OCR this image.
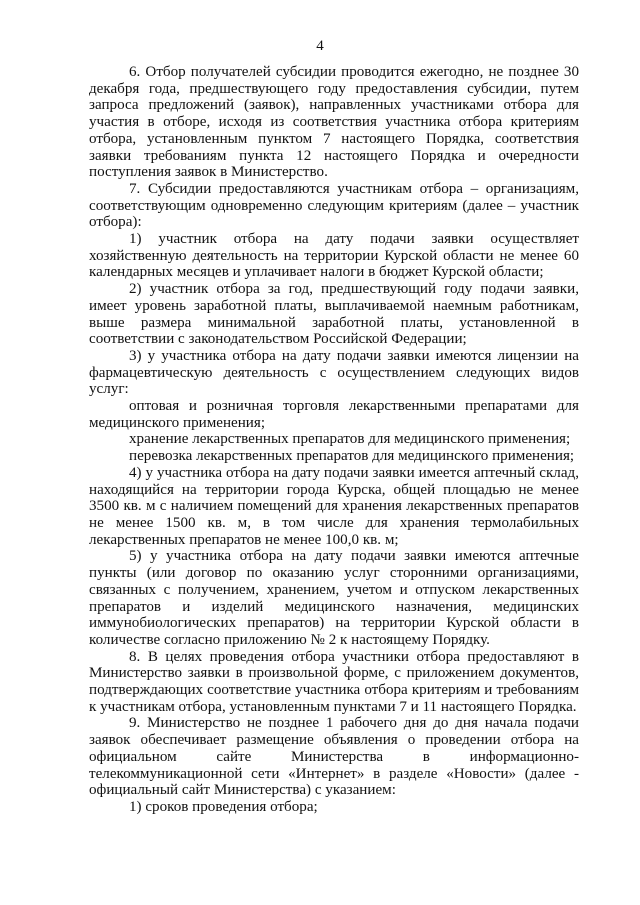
4

6. Отбор получателей субсидии проводится ежегодно, не позднее 30 декабря года, предшествующего году предоставления субсидии, путем запроса предложений (заявок), направленных участниками отбора для участия в отборе, исходя из соответствия участника отбора критериям отбора, установленным пунктом 7 настоящего Порядка, соответствия заявки требованиям пункта 12 настоящего Порядка и очередности поступления заявок в Министерство.

7. Субсидии предоставляются участникам отбора – организациям, соответствующим одновременно следующим критериям (далее – участник отбора):

1) участник отбора на дату подачи заявки осуществляет хозяйственную деятельность на территории Курской области не менее 60 календарных месяцев и уплачивает налоги в бюджет Курской области;

2) участник отбора за год, предшествующий году подачи заявки, имеет уровень заработной платы, выплачиваемой наемным работникам, выше размера минимальной заработной платы, установленной в соответствии с законодательством Российской Федерации;

3) у участника отбора на дату подачи заявки имеются лицензии на фармацевтическую деятельность с осуществлением следующих видов услуг:

оптовая и розничная торговля лекарственными препаратами для медицинского применения;

хранение лекарственных препаратов для медицинского применения;

перевозка лекарственных препаратов для медицинского применения;

4) у участника отбора на дату подачи заявки имеется аптечный склад, находящийся на территории города Курска, общей площадью не менее 3500 кв. м с наличием помещений для хранения лекарственных препаратов не менее 1500 кв. м, в том числе для хранения термолабильных лекарственных препаратов не менее 100,0 кв. м;

5) у участника отбора на дату подачи заявки имеются аптечные пункты (или договор по оказанию услуг сторонними организациями, связанных с получением, хранением, учетом и отпуском лекарственных препаратов и изделий медицинского назначения, медицинских иммунобиологических препаратов) на территории Курской области в количестве согласно приложению № 2 к настоящему Порядку.

8. В целях проведения отбора участники отбора предоставляют в Министерство заявки в произвольной форме, с приложением документов, подтверждающих соответствие участника отбора критериям и требованиям к участникам отбора, установленным пунктами 7 и 11 настоящего Порядка.

9. Министерство не позднее 1 рабочего дня до дня начала подачи заявок обеспечивает размещение объявления о проведении отбора на официальном сайте Министерства в информационно-телекоммуникационной сети «Интернет» в разделе «Новости» (далее - официальный сайт Министерства) с указанием:

1) сроков проведения отбора;
